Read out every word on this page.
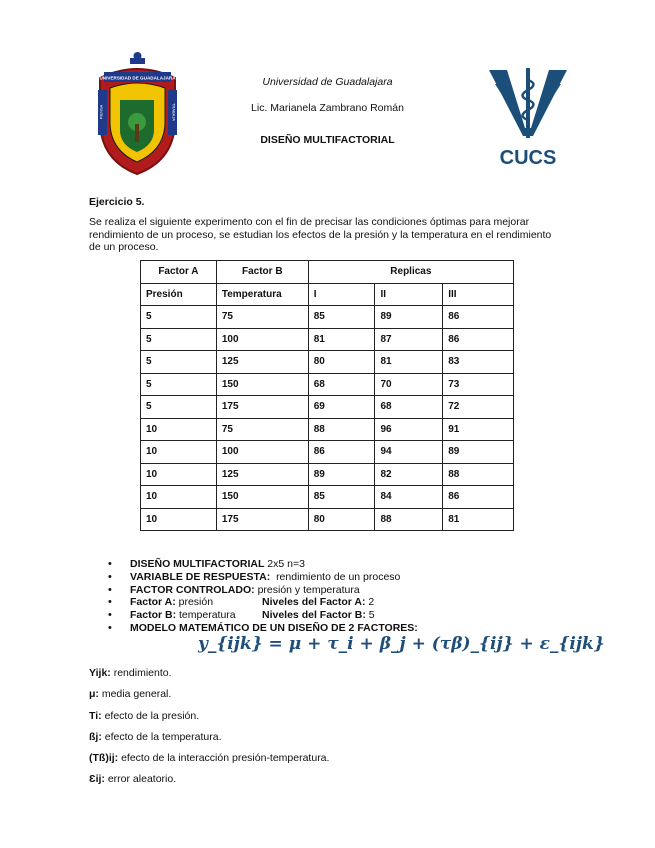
Universidad de Guadalajara
Lic. Marianela Zambrano Román
DISEÑO MULTIFACTORIAL
UNIVERSIDAD DE GUADALAJARA
PIENSA	TRABAJA
CUCS
Ejercicio 5.
Se realiza el siguiente experimento con el fin de precisar las condiciones óptimas para mejorar rendimiento de un proceso, se estudian los efectos de la presión y la temperatura en el rendimiento de un proceso.
Factor A	Factor B	Replicas		
Presión	Temperatura	I	II	III
5	75	85	89	86
5	100	81	87	86
5	125	80	81	83
5	150	68	70	73
5	175	69	68	72
10	75	88	96	91
10	100	86	94	89
10	125	89	82	88
10	150	85	84	86
10	175	80	88	81
• DISEÑO MULTIFACTORIAL 2x5 n=3
• VARIABLE DE RESPUESTA: rendimiento de un proceso
• FACTOR CONTROLADO: presión y temperatura
• Factor A: presión	Niveles del Factor A: 2
• Factor B: temperatura	Niveles del Factor B: 5
• MODELO MATEMÁTICO DE UN DISEÑO DE 2 FACTORES:
y_{ijk} = μ + τ_i + β_j + (τβ)_{ij} + ε_{ijk}
Yijk: rendimiento.
μ: media general.
Ti: efecto de la presión.
ßj: efecto de la temperatura.
(Tß)ij: efecto de la interacción presión-temperatura.
Ɛij: error aleatorio.
